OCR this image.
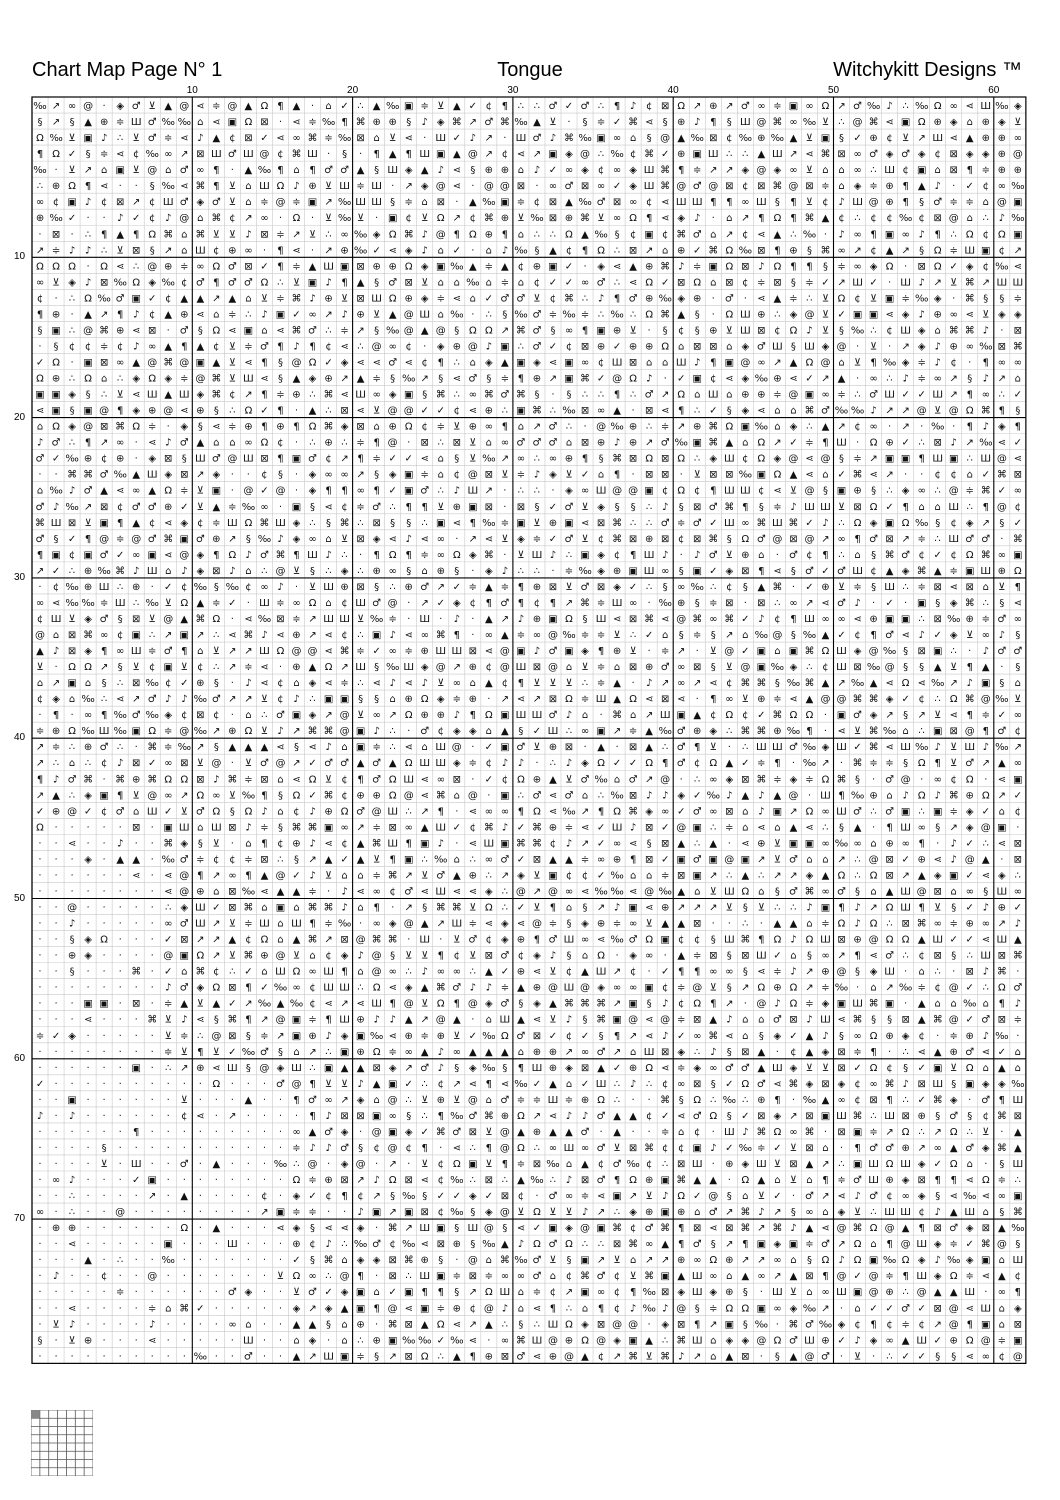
Chart Map Page N° 1	Tongue	Witchykitt Designs ™
‰ ↗ ∞ @ · ◈ ♂ ⊻ ▲ @ ⋖ ≑ @ ▲ Ω ¶ ▲ · ⌂ ✓ ∴ ▲ ‰ ▣ ≑ ⊻ ▲ ✓ ¢ ¶ ∴ ∴ ♂ ✓ ♂ ∴ ¶ ♪ ¢ ⊠ Ω ↗ ⊕ ↗ ♂ ∞ ≑ ▣ ∞ Ω ↗ ♂ ‰ ♪ ∴ ‰ Ω ∞ ⋖ Ш ‰ ◈
§ ↗ § ▲ ⊕ ≑ Ш ♂ ‰ ‰ ⌂ ⋖ ▣ Ω ⊠ · ⋖ ≑ ‰ ¶ ⌘ ⊕ ⊕ § ♪ ◈ ⌘ ↗ ♂ ⌘ ‰ ▲ ⊻ · § ≑ ✓ ⌘ ⋖ § ⊕ ♪ ¶ § Ш @ ⌘ ∞ ‰ ⊻ ∴ @ ⌘ ⋖ ▣ Ω ⊕ ◈ ⌂ ⊕ ◈ ⊻
Ω ‰ ⊻ ▣ ♪ ∴ ⊻ ♂ ≑ ⋖ ♪ ▲ ¢ ⊠ ✓ ⋖ ∞ ⌘ ≑ ‰ ⊠ ⌂ ⊻ ⋖ · Ш ✓ ♪ ↗ · Ш ♂ ♪ ⌘ ‰ ▣ ∞ ⌂ § @ ▲ ‰ ⊠ ¢ ‰ ⊕ ‰ ▲ ⊻ ▣ § ✓ ⊕ ¢ ⊻ ↗ Ш ⋖ ▲ ⊕ ⊕ ∞
¶ Ω ✓ § ≑ ⋖ ¢ ‰ ∞ ↗ ⊠ Ш ♂ Ш @ ¢ ⌘ Ш · § · ¶ ▲ ¶ Ш ▣ ▲ @ ↗ ¢ ⋖ ↗ ▣ ◈ @ ∴ ‰ ¢ ⌘ ✓ ⊕ ▣ Ш ∴ ∴ ▲ Ш ↗ ⋖ ⌘ ⊠ ∞ ♂ ◈ ♂ ◈ ¢ ⊠ ◈ ◈ ⊕ @
‰ · ⊻ ↗ ⌂ ▣ ⊻ @ ⌂ ♂ ∞ ¶ · ▲ ‰ ¶ ⌂ ¶ ♂ ♂ ▲ § Ш ◈ ▲ ♪ ⋖ § ⊕ ⊕ ⌂ ♪ ✓ ∞ ◈ ¢ ∞ ◈ Ш ⌘ ¶ ≑ ↗ ↗ ◈ @ ◈ ∞ ⊻ ⌂ ⌂ ∞ ∴ Ш ¢ ▣ ⌂ ⊠ ¶ ≑ ⊕ ⊕
∴ ⊕ Ω ¶ ⋖ · · § ‰ ⋖ ⌘ ¶ ⊻ ⌂ Ш Ω ♪ ⊕ ⊻ Ш ≑ Ш · ↗ ◈ @ ⋖ · @ @ ⊠ · ∞ ♂ ⊠ ∞ ✓ ◈ Ш ⌘ @ ♂ @ ⊠ ¢ ⊠ ⌘ @ ⊠ ≑ ⌂ ◈ ≑ ⊕ ¶ ▲ ♪ · ✓ ¢ ∞ ‰
∞ ¢ ▣ ♪ ¢ ⊠ ↗ ¢ Ш ♂ ◈ ♂ ⊻ ⌂ ≑ @ ≑ ▣ ↗ ‰ Ш Ш § ≑ ⌂ ⊠ · ▲ ‰ ▣ ≑ ¢ ⊠ ▲ ‰ ♂ ⊠ ∞ ¢ ⋖ Ш Ш ¶ ¶ ∞ Ш § ¶ ⊻ ¢ ♪ Ш @ ⊕ ¶ § ♂ ≑ ≑ ⌂ @ ▣
⊕ ‰ ✓ · · ♪ ✓ ¢ ♪ @ ⌂ ⌘ ¢ ↗ ∞ · Ω · ⊻ ‰ ⊻ · ▣ ¢ ⊻ Ω ↗ ¢ ⌘ ⊕ ⊻ ‰ ⊠ ⊕ ⌘ ⊻ ∞ Ω ¶ ⋖ ◈ ♪ · ⌂ ↗ ¶ Ω ¶ ⌘ ▲ ¢ ∴ ¢ ¢ ‰ ¢ ⊠ @ ⌂ ∴ ♪ ‰
· ⊠ · ∴ ¶ ▲ ¶ Ω ⌘ ⌂ ⌘ ⊻ ⊻ ♪ ⊠ ≑ ↗ ⊻ ∴ ∞ ‰ ◈ Ω ⌘ ♪ @ ¶ Ω ⊕ ¶ ⌂ ∴ ∴ Ω ▲ ‰ § ¢ ▣ ¢ ⌘ ♂ ⌂ ↗ ¢ ⋖ ▲ ∴ ‰ · ♪ ∞ ¶ ▣ ∞ ♪ ¶ ∴ Ω ¢ Ω ▣
↗ ≑ ♪ ♪ ∴ ⊻ ⊠ § ↗ ⌂ Ш ¢ ⊕ ∞ · ¶ ⋖ · ↗ ⊕ ‰ ✓ ⋖ ◈ ♪ ⌂ ✓ · ⌂ ♪ ‰ § ▲ ¢ ¶ Ω ∴ ⊠ ↗ ⌂ ⊕ ✓ ⌘ Ω ‰ ⊠ ¶ ⊕ § ⌘ ∞ ↗ ¢ ▲ ↗ § Ω ≑ Ш ▣ ¢ ↗
Ω Ω Ω · Ω ⋖ ∴ @ ⊕ ≑ ∞ Ω ♂ ⊠ ✓ ¶ ≑ ▲ Ш ▣ ⊠ ⊕ ⊕ Ω ◈ ▣ ‰ ▲ ≑ ▲ ¢ ⊕ ▣ ✓ · ◈ ⋖ ▲ ⊕ ⌘ ♪ ≑ ▣ Ω ⊠ ♪ Ω ¶ ¶ § ≑ ∞ ◈ Ω · ⊠ Ω ✓ ◈ ¢ ‰ ⋖
∞ ⊻ ◈ ♪ ⊠ ‰ Ω ◈ ‰ ¢ ♂ ¶ ♂ ♂ Ω ∴ ⊻ ▣ ♪ ¶ ▲ § ♂ ⊠ ⊻ ⌂ ⌂ ‰ ⌂ ≑ ⌂ ¢ ✓ ✓ ∞ ♂ ∴ ⋖ Ω ✓ ⊠ Ω ⌂ ⊠ ¢ ≑ ⊠ § ≑ ✓ ↗ Ш ✓ · Ш ♪ ↗ ⊻ ⌘ ↗ Ш Ш
¢ · ∴ Ω ‰ ♂ ▣ ✓ ¢ ▲ ▲ ↗ ▲ ⌂ ⊻ ≑ ⌘ ♪ ⊕ ⊻ ⊠ Ш Ω ⊕ ◈ ≑ ⋖ ⌂ ✓ ♂ ♂ ⊻ ¢ ⌘ ∴ ♪ ¶ ♂ ⊕ ‰ ◈ ⊕ · ♂ · ⋖ ▲ ≑ ∴ ⊻ Ω ¢ ⊻ ▣ ≑ ‰ ◈ · ⌘ § § ≑
¶ ⊕ · ▲ ↗ ¶ ♪ ¢ ▲ ⊕ ⋖ ⌂ ≑ ∴ ♪ ▣ ✓ ∞ ↗ ♪ ⊕ ⊻ ▲ @ Ш ⌂ ‰ · ∴ § ‰ ♂ ≑ ‰ ≑ ∴ ‰ ∴ Ω ⌘ ▲ § · Ω Ш ⊕ ∴ ◈ @ ⊻ ✓ ▣ ▣ ⋖ ◈ ♪ ⊕ ∞ ⋖ ⊻ ◈ ◈
§ ▣ ∴ @ ⌘ ⊕ ⋖ ⊠ · ♂ § Ω ⋖ ▣ ⌂ ⋖ ⌘ ♂ ∴ ≑ ↗ § ‰ @ ▲ @ § Ω Ω ↗ ⌘ ♂ § ∞ ¶ ▣ ⊕ ⊻ · § ¢ § ⊕ ⊻ Ш ⊠ ¢ Ω ♪ ⊻ § ‰ ∴ ¢ Ш ◈ ⌂ ⌘ ⌘ ♪ · ⊠
· § ¢ ¢ ≑ ¢ ♪ ∞ ▲ ¶ ▲ ¢ ⊻ ≑ ♂ ¶ ♪ ¶ ¢ ⋖ ∴ @ ∞ ¢ · ◈ ⊕ @ ♪ ▣ ∴ ♂ ✓ ¢ ⊠ ⊕ ✓ ⊕ ⊕ Ω ⌂ ⊠ ⊠ ⌂ ◈ ♂ Ш § Ш ◈ @ · ⊻ · ↗ ◈ ♪ ⊕ ∞ ‰ ⊠ ⌘
✓ Ω · ▣ ⊠ ∞ ▲ @ ⌘ @ ▣ ▲ ⊻ ⋖ ¶ § @ Ω ✓ ◈ ⋖ ⋖ ♂ ⋖ ¢ ¶ ∴ ⌂ ◈ ▲ ▣ ◈ ⋖ ▣ ∞ ¢ Ш ⊠ ⌂ ⌂ Ш ♪ ¶ ▣ @ ∞ ↗ ▲ Ω @ ⌂ ⊻ ¶ ‰ ◈ ≑ ♪ ¢ · ¶ ∞ ∞
Ω ⊕ ∴ Ω ⌂ ∴ ◈ Ω ◈ ≑ @ ⌘ ⊻ Ш ⋖ § ▲ ◈ ⊕ ↗ ▲ ≑ § ‰ ↗ § ⋖ ♂ § ≑ ¶ ⊕ ↗ ▣ ⌘ ✓ @ Ω ♪ · ✓ ▣ ¢ ⋖ ◈ ‰ ⊕ ⋖ ✓ ↗ ▲ · ∞ ∴ ♪ ≑ ∞ ↗ § ♪ ↗ ⌂
▣ ▣ ◈ § ∴ ⊻ ⋖ Ш ▲ Ш ◈ ⌘ ¢ ↗ ¶ ≑ ⊕ ∴ ⌘ ⋖ Ш ∞ ◈ ▣ § ⌘ ∴ ∞ ⌘ ♂ ⌘ § · § ∴ ∴ ¶ ∴ ♂ ↗ Ω ⌂ Ш ⌂ ⊕ ⊕ ≑ @ ▣ ∞ ≑ ∴ ♂ Ш ✓ ✓ Ш ↗ ¶ ∞ ∴ ✓
⋖ ▣ § ▣ @ ¶ ◈ ⊕ @ ⋖ ⊕ § ∴ Ω ✓ ¶ · ▲ ∴ ⊠ ⋖ ⊻ @ @ ✓ ✓ ¢ ⋖ ⊕ ∴ ▣ ⌘ ∴ ‰ ⊠ ∞ ▲ · ⊠ ⋖ ¶ ∴ ✓ § ◈ ⋖ ⌂ ⌂ ⌘ ♂ ‰ ‰ ♪ ↗ ↗ @ ⊻ @ Ω ⌘ ¶ §
⌂ Ω ◈ @ ⊠ ⌘ Ω ≑ · ◈ § ⋖ ≑ ⊕ ¶ ⊕ ¶ Ω ⌘ ◈ ⊠ ⌂ ⊕ Ω ¢ ≑ ⊻ ⊕ ∞ ¶ ⌂ ↗ ♂ ∴ · @ ‰ ⊕ ∴ ≑ ↗ ⊕ ⌘ Ω ▣ ‰ ⌂ ◈ ∴ ▲ ↗ ¢ ∞ · ↗ · ‰ · ¶ ♪ ◈ ¶
♪ ♂ ∴ ¶ ↗ ∞ · ⋖ ♪ ♂ ▲ ⌂ ⌂ ∞ Ω ¢ · ∴ ⊕ ∴ ≑ ¶ @ · ⊠ ∴ ⊠ ⊻ ⌂ ∞ ♂ ♂ ♂ ⌂ ⊠ ⊕ ♪ ⊕ ↗ ♂ ‰ ▣ ⌘ ▲ ⌂ Ω ↗ ✓ ≑ ¶ Ш · Ω ⊕ ✓ ∴ ⊠ ♪ ↗ ‰ ⋖ ✓
♂ ✓ ‰ ⊕ ¢ ⊕ · ◈ ⊠ § Ш ♂ @ Ш ⊠ ¶ ▣ ♂ ¢ ↗ ¶ ≑ ✓ ✓ ⋖ ⌂ § ⊻ ‰ ↗ ∞ ∴ ∞ ⊕ ¶ § ⌘ ⊠ Ω ⊠ Ω ∴ ◈ Ш ¢ Ω ◈ @ ⋖ @ § ≑ ↗ ▣ ▣ ¶ Ш ▣ ∴ Ш @ ⋖
· · ⌘ ⌘ ♂ ‰ ▲ Ш ◈ ⊠ ↗ ◈ · · ¢ § · ◈ ∞ ∞ ↗ § ◈ ▣ ≑ ⌂ ¢ @ ⊠ ⊻ ≑ ♪ ◈ ⊻ ✓ ⌂ ¶ · ⊠ ⊠ · ⊻ ⊠ ⊠ ‰ ▣ Ω ▲ ⋖ ⌂ ✓ ⌘ ⋖ ↗ · · ¢ ¢ ⌂ ✓ ⌘ ⊠
⌂ ‰ ♪ ♂ ▲ ⋖ ∞ ▲ Ω ≑ ⊻ ▣ · @ ✓ @ · ◈ ¶ ¶ ∞ ¶ ✓ ▣ ♂ ∴ ♪ Ш ↗ · ∴ ∴ · ◈ ∞ Ш @ @ ▣ ¢ Ω ¢ ¶ Ш Ш ¢ ⋖ ⊻ @ § ▣ ⊕ § ∴ ◈ ∞ ∴ @ ≑ ⌘ ✓ ∞
♂ ♪ ‰ ↗ ⊠ ¢ ♂ ♂ ⊕ ✓ ⊻ ▲ ≑ ‰ ∞ · ▣ § ⋖ ¢ ≑ ♂ ∴ ¶ ¶ ⊻ ⊕ ▣ ⊠ · ⊠ § ✓ ♂ ⊻ ◈ § § ∴ ♪ § ⊠ ♂ ⌘ ¶ § ≑ ♪ Ш Ш ⊻ ⊠ Ω ✓ ¶ ⌂ ⌂ Ш ∴ ¶ @ ¢
⌘ Ш ⊠ ⊻ ▣ ¶ ▲ ¢ ⋖ ◈ ¢ ≑ Ш Ω ⌘ Ш ◈ ∴ § ⌘ ∴ ⊠ § § ∴ ▣ ⋖ ¶ ‰ ≑ ▣ ⊻ ⊕ ▣ ⋖ ⊠ ⌘ ∴ ∴ ♂ ≑ ♂ ✓ Ш ∞ ⌘ Ш ⌘ ✓ ♪ ∴ Ω ◈ ▣ Ω ‰ § ¢ ◈ ↗ § ✓
♂ § ✓ ¶ @ ≑ @ ♂ ⌘ ▣ ♂ ⊕ ↗ § ‰ ♪ ◈ ∞ ⌂ ⊻ ⊠ ◈ ⋖ ♪ ⋖ ∞ · ↗ ⋖ ⊻ ◈ ≑ ✓ ♂ ⊻ ¢ ⌘ ⊠ ⊕ ⊠ ¢ ⊠ ⌘ § Ω ♂ @ ⊠ @ ↗ ∞ ¶ ♂ ⊠ ↗ ≑ ∴ Ш ♂ ♂ · ⌘
¶ ▣ ¢ ▣ ♂ ✓ ∞ ▣ ⋖ @ ◈ ¶ Ω ♪ ♂ ⌘ ¶ Ш ♪ ∴ · ¶ Ω ¶ ≑ ∞ Ω ◈ ⌘ · ⊻ Ш ♪ ∴ ▣ ◈ ¢ ¶ Ш ♪ · ♪ ♂ ⊻ ⊕ ⌂ · ♂ ¢ ¶ ∴ ⌂ § ⌘ ♂ ¢ ✓ ¢ Ω ⌘ ∞ ▣
↗ ✓ ∴ ⊕ ‰ ⌘ ♪ Ш ⌂ ♪ ◈ ⊠ ♪ ⌂ ∴ @ ⊻ § ∴ ◈ ∴ ⊕ ∞ § ⌂ ⊕ § · ◈ ♪ ∴ ∴ · ≑ ‰ ◈ ⊕ ▣ Ш ∞ § ▣ ✓ ◈ ⊠ ¶ ⋖ § ♂ ✓ ♂ Ш ¢ ▲ ◈ ⌘ ▲ ≑ ▣ Ш ⊕ Ω
· ¢ ‰ ⊕ Ш ∴ ⊕ · ✓ ¢ ‰ § ‰ ¢ ∞ ♪ · ⊻ Ш ⊕ ⊠ § ∴ ⊕ ♂ ↗ ✓ ≑ ▲ ≑ ¶ ⊕ ⊠ ⊻ ♂ ⊠ ◈ ✓ ∴ § ∞ ‰ ∴ ¢ § ▲ ⌘ · ✓ ⊕ ⊻ ≑ § Ш ∴ ≑ ⊠ ⋖ ⊠ ⌂ ⊻ ¶
∞ ⋖ ‰ ‰ ≑ Ш ∴ ‰ ⊻ Ω ▲ ≑ ✓ · Ш ≑ ∞ Ω ⌂ ¢ Ш ♂ @ · ↗ ✓ ◈ ¢ ¶ ♂ ¶ ¢ ¶ ↗ ⌘ ≑ Ш ∞ · ‰ ⊕ § ≑ ⊠ · ⊠ ∴ ∞ ↗ ⋖ ♂ ♪ · ✓ · ▣ § ◈ ⌘ ∴ § ⋖
¢ Ш ⊻ ◈ ♂ § ⊠ ⊻ @ ▲ ⌘ Ω · ⋖ ‰ ⊠ ≑ ↗ Ш Ш ⊻ ‰ ≑ · Ш · ♪ · ▲ ↗ ♪ ⊕ ▣ Ω § Ш ⋖ ⊠ ⌘ ⋖ @ ⌘ ∞ ⌘ ✓ ♪ ¢ ¶ Ш ∞ ∞ ⋖ ⊕ ▣ ▣ ∴ ⊠ ‰ ⊕ ≑ ♂ ∞
@ ⌂ ⊠ ⌘ ∞ ¢ ▣ ∴ ↗ ▣ ↗ ∴ ⋖ ⌘ ♪ ⋖ ⊕ ↗ ⋖ ¢ ∴ ▣ ♪ ⋖ ∞ ⌘ ¶ · ∞ ▲ ≑ ∞ @ ‰ ≑ ≑ ⊻ ∴ ✓ ⌂ § ≑ § ↗ ⌂ ‰ @ § ‰ ▲ ✓ ¢ ¶ ♂ ⋖ ♪ ✓ ◈ ⊻ ∞ ♪ §
▲ ♪ ⊠ ◈ ¶ ∞ Ш ≑ ♂ ¶ ⌂ ⊻ ↗ ↗ Ш Ω @ @ ⋖ ⌘ ≑ ✓ ∞ ≑ ⊕ Ш Ш ⊠ ⋖ @ ▣ ♪ ♂ ▣ ◈ ¶ ⊕ ⊻ · ≑ ↗ · ⊻ @ ✓ ▣ ⌂ ▣ ⌘ Ω Ш ◈ @ ‰ § ⊠ ▣ ∴ · ♪ ♂ ♂
⊻ · Ω Ω ↗ § ⊻ ¢ ▣ ⊻ ¢ ∴ ↗ ≑ ⋖ · ⊕ ▲ Ω ↗ Ш § ‰ Ш ◈ @ ↗ ⊕ ¢ @ Ш ⊠ @ ⌂ ⊻ ≑ ⌂ ⊠ ⊕ ♂ ∞ ⊠ § ⊻ @ ▣ ‰ ◈ ∴ ¢ Ш ⊠ ‰ @ § § ▲ ⊻ ¶ ▲ · §
⌂ ↗ ▣ ⌂ § ∴ ⊠ ‰ ¢ ✓ ⊕ § · ♪ ⋖ ¢ ⌂ ◈ ⋖ ≑ ∴ ⋖ ♪ ⋖ ♪ ⊻ ∞ ⌂ ▲ ¢ ¶ ⊻ ⊻ ⊻ ∴ ≑ ▲ · ♪ ↗ ∞ ↗ ⋖ ¢ ⌘ ⌘ § ‰ ⌘ ▲ ↗ ‰ ▲ ⋖ Ω ⋖ ‰ ↗ ♪ ▣ § ⌂
¢ ◈ ⌂ ‰ ∴ ⋖ ↗ ♂ ♪ ♪ ‰ ♂ ↗ ↗ ⊻ ¢ ♪ ∴ ▣ ▣ § § ⌂ ⊕ Ω ◈ ≑ ⊕ · ↗ ⋖ ↗ ⊠ Ω ≑ Ш ▲ Ω ⋖ ⊠ ⋖ · ¶ ∞ ⊻ ⊕ ≑ ⋖ ▲ @ @ ⌘ ⌘ ◈ ✓ ¢ ∴ Ω ⌘ @ ‰ ⊻
· ¶ · ∞ ¶ ‰ ♂ ‰ ◈ ¢ ⊠ ¢ · ⌂ ∴ ♂ ▣ ◈ ↗ @ ⊻ ∞ ↗ Ω ⊕ ⊕ ♪ ¶ Ω ▣ Ш Ш ♂ ♪ ⌂ · ⌘ ⌂ ↗ Ш ▣ ▲ ¢ Ω ¢ ✓ ⌘ Ω Ω · ▣ ♂ ◈ ↗ § ↗ ⊻ ⋖ ¶ ≑ ✓ ∞
≑ ⊕ Ω ‰ Ш ‰ ▣ Ω ≑ @ ‰ ↗ ⊕ Ω ⊻ ♪ ↗ ⌘ ⌘ @ ▣ ♪ ∴ · ♂ ¢ ◈ ◈ ⌂ ▲ § ✓ Ш ∴ ∞ ▣ ↗ ≑ ▲ ‰ ♂ ⊕ ◈ ∴ ⌘ ⌘ ⊕ ‰ ¶ · ⋖ ⊻ ⌘ ‰ ⌂ ∴ ▣ ⊠ @ ¶ ♂ ¢
↗ ≑ ∴ ⊕ ♂ ∴ · ⌘ ≑ ‰ ↗ § ▲ ▲ ▲ ⋖ § ⋖ ♪ ⌂ ▣ ≑ ∴ ⋖ ⌂ Ш @ · ✓ ▣ ♂ ⊻ ⊕ ⊠ · ▲ · ⊠ ▲ ∴ ♂ ¶ ⊻ · ∴ Ш Ш ♂ ‰ ◈ Ш ✓ ⌘ ⋖ Ш ‰ ♪ ⊻ Ш ♪ ‰ ↗
↗ ∴ ⌂ ∴ ¢ ♪ ⊠ ✓ ∞ ⊠ ⊻ @ · ⊻ ♂ @ ↗ ✓ ♂ ♂ ▲ ♂ ▲ Ω Ш Ш ◈ ≑ ¢ ♪ ♪ · ∴ ♪ ◈ Ω ✓ ✓ Ω ¶ ♂ ¢ Ω ▲ ✓ ≑ ¶ · ‰ ↗ · ⌘ ≑ ≑ § Ω ¶ ⊻ ♂ ↗ ▲ ∞
¶ ♪ ♂ ⌘ · ⌘ ⊕ ⌘ Ω Ω ⊠ ♪ ⌘ ≑ ⊠ ⌂ ⋖ Ω ⊻ ¢ ¶ ♂ Ω Ш ⋖ ∞ ⊠ · ✓ ¢ Ω ⊕ ▲ ⊻ ♂ ‰ ⌂ ♂ ↗ @ · ∴ ∞ ◈ ⊠ ⌘ ≑ ◈ ≑ Ω ⌘ § · ♂ @ · ∞ ¢ Ω · ⋖ ▣
↗ ▲ ∴ ◈ ▣ ¶ ⊻ @ ∞ ↗ Ω ∞ ⊻ ‰ ¶ § Ω ✓ ⌘ ¢ ⊕ ⊕ Ω @ ⋖ ⌘ ⌂ @ · ▣ ∴ ♂ ⋖ ♂ ⌂ ∴ ‰ ⊠ ♪ ♪ ◈ ✓ ‰ ♪ ▲ ♪ ▲ @ · Ш ¶ ‰ ⊕ ⌂ ♪ Ω ♪ ⌘ ⊕ Ω ↗ ✓
✓ ⊕ @ ✓ ¢ ♂ ⌂ Ш ✓ ⊻ ♂ Ω § Ω ♪ ⌂ ¢ ♪ ⊕ Ω ♂ @ Ш ∴ ↗ ¶ · ⋖ ∞ ∞ ¶ Ω ⋖ ‰ ↗ ¶ Ω ⌘ ◈ ∞ ✓ ♂ ∞ ⊠ ⌂ ♪ ▣ ↗ Ω ∞ Ш ♂ ∴ ♂ ▣ ∴ ▣ ≑ ◈ ✓ ⌂ ¢
Ω · · · · · ⊠ · ▣ Ш ⌂ Ш ⊠ ♪ ≑ § ⌘ ⌘ ▣ ∞ ↗ ≑ ⊠ ∞ ▲ Ш ✓ ¢ ⌘ ♪ ✓ ⌘ ⊕ ≑ ⋖ ✓ Ш ♪ ⊠ ✓ @ ▣ ∴ ≑ ⌂ ⋖ ⌂ ▲ ⋖ ∴ § ▲ · ¶ Ш ∞ § ↗ ◈ @ ▣ ·
· · ⋖ · · ♪ · · ⌘ ◈ § ⊻ · ⌂ ¶ ¢ ⊕ ♪ ⋖ ¢ ▲ ⌘ Ш ¶ ▣ ♪ · ⋖ Ш ▣ ⌘ ⌘ ¢ ♪ ↗ ✓ ∞ ⋖ § ⊠ ▲ ∴ ▲ · ⋖ ⊕ ⊻ ▣ ▣ ∞ ‰ ∞ ⌂ ⊕ ∞ ¶ · ♪ ✓ ∴ ⋖ ⊠
· · · ◈ · ▲ ▲ · ‰ ♂ ≑ ¢ ¢ ≑ ⊠ ∴ § ↗ ▲ ✓ ▲ ⊻ ¶ ▣ ∴ ‰ ⌂ ∴ ∞ ♂ ✓ ⊠ ▲ ▲ ≑ ∞ ⊕ ¶ ⊠ ✓ ▣ ♂ ▣ @ ▣ ↗ ⊻ ♂ ⌂ ⌂ ↗ ∴ @ ⊠ ✓ ⊕ ⋖ ♪ @ ▲ · ⊠
· · · · · · ⋖ · ⋖ @ ¶ ↗ ∞ ¶ ▲ @ ✓ ♪ ⊻ ⌂ ⌂ ≑ ⌘ ↗ ⊻ ♂ ▲ ⊕ ∴ ↗ ◈ ⊻ ▣ ¢ ¢ ✓ ‰ ⌂ ⌂ ≑ ⊠ ▣ ↗ ∴ ▲ ∴ ↗ ↗ ◈ ▲ Ω ∴ Ω ⊠ ↗ ▲ ◈ ▣ ✓ ⋖ ◈ ∴
· · · · · · · · ⋖ @ ⊕ ⌂ ⊠ ‰ ⋖ ▲ ▲ ≑ · ♪ ⋖ ∞ ¢ ♂ ⋖ Ш ⋖ ⋖ ◈ ∴ @ ↗ @ ∞ ⋖ ‰ ‰ ⋖ @ ‰ ▲ ⌂ ⊻ Ш Ω ⌂ § ♂ ⌘ ∞ ♂ § ⌂ ▲ Ш @ ⊠ ⌂ ∞ § Ш ∞
· · @ · · · · · ∴ ◈ Ш ✓ ⊠ ⌘ ⌂ ▣ ⌂ ⌘ ⌘ ♪ ⌂ ¶ · ↗ § ⌘ ⌘ ⊻ Ω ∴ ✓ ⊻ ¶ ⌂ § ↗ ♪ ▣ ⋖ ⊕ ↗ ↗ ↗ ⊻ § ⊻ ∴ ∴ ♪ ▣ ¶ ♪ ↗ Ω Ш ¶ ⊻ § ✓ ♪ ⊕ ✓
· · ♪ · · · · · ∞ ♂ Ш ↗ ⊻ ≑ Ш ⌂ Ш ¶ ≑ ‰ · ∞ ◈ @ ▲ ↗ Ш ≑ ⋖ ◈ ⋖ @ ≑ § ◈ ⊕ ≑ ∞ ⊻ ▲ ▲ ⊠ · · ∴ · ▲ ▲ ⌂ ≑ Ω ♪ Ω ∴ ⊠ ⌘ ∞ ≑ ⊕ ∞ ↗ ♪
· · § ◈ Ω · · · ✓ ⊠ ↗ ↗ ▲ ¢ Ω ⌂ ▲ ⌘ ↗ ⊠ @ ⌘ ⌘ · Ш · ⊻ ♂ ¢ ◈ ⊕ ¶ ♂ Ш ∞ ⋖ ‰ ♂ Ω ▣ ¢ ¢ § Ш ⌘ ¶ Ω ♪ Ω Ш ⊠ ⊕ @ Ω Ω ▲ Ш ✓ ✓ ⋖ Ш ▲
· · ⊕ ◈ · · · · @ ▣ Ω ↗ ⊻ ⌘ ⊕ @ ⊻ ⌂ ¢ ◈ ♪ @ § ⊻ ⊻ ¶ ¢ ⊻ ⊠ ♂ ¢ ◈ ♪ § ⌂ Ω · ◈ ∞ · ▲ ≑ ⊠ § ⊠ Ш ✓ ⌂ § ∞ ↗ ¶ ⋖ ♂ ∴ ¢ ⊠ § ∴ Ш ⊠ ⌘
· · § · · · ⌘ · ✓ ⌂ ⌘ ¢ ∴ ✓ ⌂ Ш Ω ∞ Ш ¶ ⌂ @ ∞ ∴ ♪ ∞ ∞ ∴ ▲ ✓ ⊕ ⋖ ⊻ ¢ ▲ Ш ↗ ¢ · ✓ ¶ ¶ ∞ ∞ § ⋖ ≑ ♪ ↗ ⊕ @ § ◈ Ш · ⌂ ∴ · ⊠ ♪ ⌘ ·
· · · · · · · · ♪ ♂ ◈ Ω ⊠ ¶ ✓ ‰ ∞ ¢ Ш Ш ∴ Ω ⋖ ◈ ▲ ⌘ ♂ ♪ ♪ ≑ ▲ ⊕ @ Ш @ ◈ ∞ ∞ ▣ ¢ ≑ @ ⊻ § ↗ Ω ⊕ Ω ↗ ≑ ‰ · ⌂ ↗ ‰ ≑ ¢ @ ✓ ∴ Ω ♂
· · · ▣ ▣ · ⊠ · ≑ ▲ ⊻ ▲ ✓ ↗ ‰ ▲ ‰ ¢ ⋖ ↗ ⋖ Ш ¶ @ ⊻ Ω ¶ @ ◈ ♂ § ◈ ▲ ⌘ ⌘ ⌘ ↗ ▣ § ♪ ¢ Ω ¶ ↗ · @ ♪ Ω ≑ ◈ ▣ Ш ⌘ ▣ · ▲ ⌂ ⌂ ‰ ⌂ ¶ ♪
· · · ⋖ · · · ⌘ ⊻ ♪ ⋖ § ⌘ ¶ ↗ @ ▣ ≑ ¶ Ш ⊕ ♪ ♪ ▲ ↗ @ ▲ · ⌂ Ш ▲ ⋖ ⊻ ♪ § ⌘ ▣ @ ⋖ @ ≑ ⊠ ▲ ♪ ⌂ ⌂ ♂ ⊠ ♪ Ш ⋖ ⌘ § § ⊠ ▲ ⌘ @ ✓ ♂ ⊠ ≑
≑ ✓ ◈ · · · · · ⊻ ≑ ∴ @ ⊠ § ≑ ↗ ▣ ⊕ ♪ ◈ ▣ ‰ ⋖ ⊕ ≑ ⊕ ⊻ ✓ ‰ Ω ♂ ⊠ ✓ ¢ ✓ § ¶ ↗ ⋖ ♪ ✓ ∞ ⌘ ⋖ ⌂ § ◈ ✓ ▲ ♪ § ∞ Ω ⊕ ◈ ¢ · ≑ ⊕ ♪ ‰ ·
· · · · · · · · ≑ ⊻ ¶ ⊻ ✓ ‰ ♂ § ⌂ ↗ ∴ ▣ ⊕ Ω ≑ ∞ ▲ ♪ ∞ ▲ ▲ ▲ ⌂ ⊕ ⊕ ↗ ∞ ♂ ↗ ⌂ Ш ⊠ ◈ ∴ ♪ § ⊠ ▲ · ¢ ▲ ◈ ⊠ ≑ ¶ · ∴ ⋖ ▲ ⊕ ♂ ⋖ ✓ ⌂
· · · · · · ▣ · ∴ ↗ ⊕ ⋖ Ш § @ ◈ Ш ∴ ▣ ▲ ▲ ⊠ ◈ ↗ ♂ ♪ § ◈ ‰ § ¶ Ш ⊕ ◈ ⊠ ▲ ✓ ⊕ Ω ⋖ ≑ ◈ ∞ ♂ ♂ ▲ Ш ◈ ⊻ ⊻ ⊠ ✓ Ω ¢ § ✓ ▣ ⊻ Ω ⌂ ▲ ⌂
✓ · · · · · · · · · · Ω · · · ♂ @ ¶ ⊻ ⊻ ♪ ▲ ▣ ✓ ∴ ¢ ↗ ⋖ ¶ ⋖ ‰ ✓ ▲ ⌂ ✓ Ш ∴ ♪ ∴ ¢ ∞ ⊠ § ✓ Ω ♂ ⋖ ⌘ ◈ ⊠ ◈ ¢ ∞ ⌘ ♪ ⊠ Ш § ▣ ◈ ◈ ‰
· · ▣ · · · · · · ⊻ · · · ▲ · · ¶ ♂ ∞ ↗ ◈ ⌂ @ ∴ ⊻ ⊕ ⊻ @ ⌂ ♂ ≑ ≑ Ш ≑ ⊕ Ω ∴ · · ⌘ § Ω ∴ ‰ ∴ ⊕ ¶ · ‰ ▲ ∞ ¢ ⊠ ¶ ∴ ✓ ⌘ ◈ · ♂ ¶ Ш
♪ · ♪ · · · · · · ¢ ⋖ · ↗ · · · · ¶ ♪ ⊠ ⊠ ▣ ∞ § ∴ ¶ ‰ ♂ ⌘ ⊕ Ω ↗ ⋖ ♪ ♪ ♂ ▲ ▲ ¢ ✓ ⋖ ♂ Ω § ✓ ⊠ ◈ ↗ ⊠ ▣ Ш ⌘ ∴ Ш ⊠ ⊕ § ♂ § ¢ ⌘ ⊠
· · · · · · ¶ · · · · · · · · · ∞ ▲ ♂ ◈ · @ ▣ ◈ ✓ ⌘ ♂ ⊠ ⊻ @ ▲ ⊕ ▲ ▲ ♂ · ▲ · · ≑ ⌂ ¢ · Ш ♪ ⌘ Ω ∞ ⌘ · ⊠ ▣ ≑ ↗ Ω ∴ ↗ Ω ∴ ⊻ · ▲
· · · · § · · · · · · · · · · · ≑ ♪ ♪ ♂ § ¢ @ ¢ ¶ · ⋖ ∴ ¶ @ Ω ∴ ∞ Ш ∞ ♂ ⊻ ⊠ ⌘ ¢ ¢ ▣ ♪ ✓ ‰ ≑ ✓ ⊻ ⊠ ⌂ · ¶ ♂ ♂ ⊕ ↗ ∞ ▲ ♂ ◈ ⌘ ▲
· · · · ⊻ · Ш · · ♂ · ▲ · · · ‰ ∴ @ · ◈ @ · ↗ · ⊻ ¢ Ω ▣ ⊻ ¶ ≑ ⊠ ‰ ⌂ ▲ ¢ ♂ ‰ ¢ ∴ ⊠ Ш · ⊕ ◈ Ш ⊻ ⊠ ▲ ↗ ∴ ▣ Ш Ω Ш ◈ ✓ Ω ⌂ · § Ш
· ∞ ♪ · · · ✓ ▣ · · · · · · · · Ω ≑ ⊕ ⊠ ↗ ♪ Ω ⊠ ⋖ ¢ ‰ ∴ ⊠ ∴ ▲ ‰ ∴ ♪ ⊠ ♂ ¶ Ω ⊕ ▣ ⌘ ▲ ▲ · Ω ▲ ⌂ ⊻ ⌂ ¶ ≑ ♂ Ш ⊕ ◈ ⊠ ¶ ¶ ⋖ Ω ≑ ∴
· · ∴ · · · · ↗ · ▲ · · · · ¢ · ◈ ✓ ¢ ¶ ¢ ↗ § ‰ § ✓ ✓ ◈ ✓ ⊠ ¢ · ♂ ∞ ≑ ⋖ ▣ ↗ ⊻ ♪ Ω ✓ @ § ⌂ ⊻ ✓ · ♂ ↗ ⋖ ♪ ♂ ¢ ∞ ◈ § ⋖ ‰ ⋖ ∞ ▣
∞ · ∴ · · @ · · · · · · · · ↗ ▣ ≑ ≑ · · ♪ ▣ ↗ ▣ ⊠ ¢ ‰ § ◈ @ ⊻ Ω ⊻ ⊻ ♪ ↗ ∴ ◈ ⊕ ▣ ⊕ ⌂ ♂ ↗ ⌘ ♪ ↗ § ∞ ⌂ ◈ ⊻ ∴ Ш Ш ¢ ♪ ▲ Ш ⌂ § ⌘
· ⊕ ⊕ · · · · · · Ω · ▲ · · · ⋖ ◈ § ⋖ ⋖ ◈ · ⌘ ↗ Ш ▣ § Ш @ § ⋖ ✓ ▣ ◈ @ ▣ ⌘ ¢ ♂ ⌘ ¶ ⊠ ⋖ ⊠ ⌘ ↗ ⌘ ♪ ▲ ⋖ @ ⌘ Ω @ ▲ ¶ ⊠ ♂ ◈ ⊠ ▲ ‰
· · ⋖ · · · · · ▣ · · · Ш · · · ⊕ ¢ ♪ ∴ ‰ ♂ ¢ ‰ ⋖ ⊠ ⊕ § ‰ ▲ ♪ Ω ♂ Ω ∴ ∴ ⊠ ⌘ ∞ ▲ ¶ ♂ § ↗ ¶ ▣ ◈ ▣ ≑ ♂ ↗ Ω ⌂ ¶ @ Ш ◈ ≑ ✓ ⌘ @ §
· · · ▲ · ∴ · · ‰ · · · · · · · ✓ § ⌘ ⌂ ◈ ◈ ⊠ ⌘ ⊕ § · @ ⌂ ⌘ ‰ ♂ ⊻ § ▣ ↗ ⊻ ⌂ ↗ ↗ ⊕ ∞ Ω ⊕ ↗ ↗ ∞ ⌂ § Ω ♪ Ω ▣ ‰ Ω ◈ ♪ ‰ ◈ ▣ ⌂ Ш
· ♪ · · ¢ · · @ · · · · · · · ⊻ Ω ∞ ∴ @ ¶ · ⊠ ∴ Ш ▣ ≑ ⊠ ≑ ∞ ∞ ♂ ⌂ ¢ ⌘ ♂ ¢ ⊻ ⌘ ▣ ▲ Ш ∞ ⌂ ▲ ∞ ↗ ▲ ⊠ ¶ @ ✓ @ ≑ ¶ Ш ◈ Ω ≑ ⋖ ▲ ¢
· · · · · ≑ · · · · · · ♂ ◈ · · ⊻ ♂ ✓ ◈ ▣ ⌂ ✓ ▣ ¶ ¶ § ↗ Ω Ш ⌂ ≑ ¢ ↗ ▣ ∞ ¢ ¶ ‰ ⊠ ◈ Ш ◈ ⊕ § · Ш ⊻ ⌂ ∞ Ш ▣ @ ⊕ ∴ @ ▲ ▲ Ш · ∞ ¶
· · ⋖ · · · · ≑ ⌂ ⌘ ✓ · · · · · ◈ ↗ ◈ ▲ ▣ ¶ @ ⋖ ▣ ≑ ⊕ ¢ @ ♪ ⌂ ⋖ ¶ ∴ ⌂ ¶ ¢ ♪ ‰ ♪ @ § ≑ Ω Ω ▣ ∞ ◈ ‰ ↗ · ⌂ ✓ ✓ ♂ ✓ ⊠ @ ⋖ Ш ⌂ ◈
· ⊻ ♪ · · · · ♪ · · · · ∞ ⌂ · · ▲ ▲ § ⌂ ⊕ · ⌘ ⊠ ▲ Ω ⋖ ↗ ▲ ∴ § ∴ Ш Ω ◈ ⊠ @ @ · ◈ ⊠ ¶ ↗ ▣ § ‰ · ⌘ ♂ ‰ ◈ ¢ ¶ ¢ ≑ ¢ ↗ @ ¶ ▣ ⌂ ⊠
§ · ⊻ ⊕ · · · ⋖ · · · · · Ш · · ⌂ ◈ · ⌂ ∴ ⊕ ▣ ‰ ‰ ✓ ‰ ⋖ · ∞ ⌘ Ш @ ⊕ Ω @ ◈ ▣ ▲ ∴ ⌘ Ш ⌂ ◈ ◈ @ Ω ♂ Ш ⊕ ✓ ♪ ◈ ∞ ▲ Ш ✓ ⊕ Ω @ ≑ ▣
· · · · · · · · · · ‰ · · ♂ · · ▲ ↗ Ш ▣ ≑ § ↗ ⊠ Ω ∴ ▲ ¶ ⊕ ⊠ ♂ ⋖ ⊕ @ ▲ ¢ ↗ ⌘ ⊻ ⌘ ♪ ↗ ⌂ ▲ ⊠ · § ▲ @ ♂ · ⊻ · ∴ ✓ ✓ § § ⋖ ∞ ¢ @
10	20	30	40	50	60
10
20
30
40
50
60
70
